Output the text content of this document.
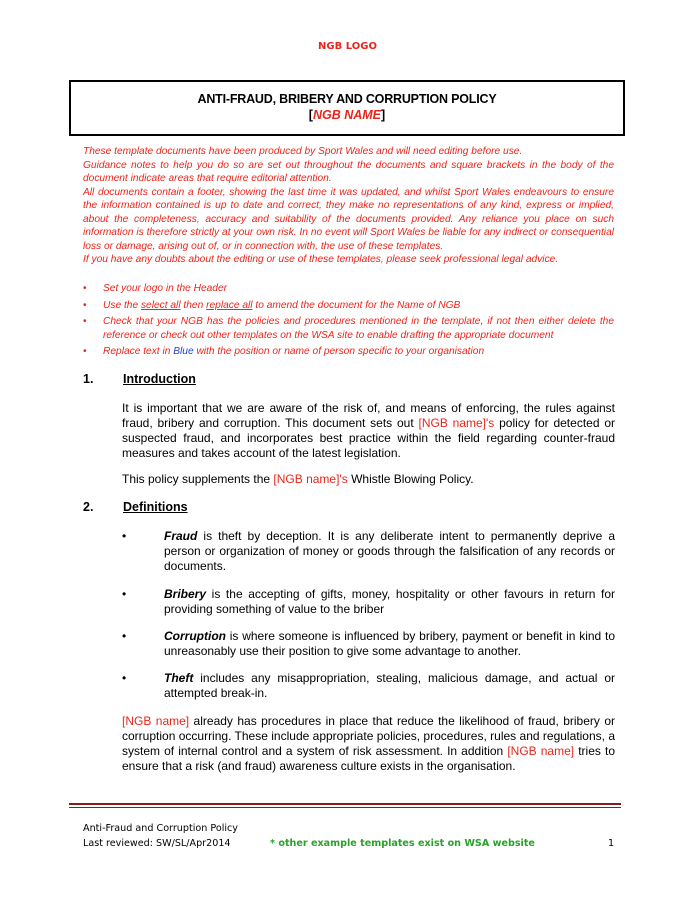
NGB LOGO
ANTI-FRAUD, BRIBERY AND CORRUPTION POLICY
[NGB NAME]

These template documents have been produced by Sport Wales and will need editing before use.

Guidance notes to help you do so are set out throughout the documents and square brackets in the body of the document indicate areas that require editorial attention.

All documents contain a footer, showing the last time it was updated, and whilst Sport Wales endeavours to ensure the information contained is up to date and correct, they make no representations of any kind, express or implied, about the completeness, accuracy and suitability of the documents provided. Any reliance you place on such information is therefore strictly at your own risk. In no event will Sport Wales be liable for any indirect or consequential loss or damage, arising out of, or in connection with, the use of these templates.

If you have any doubts about the editing or use of these templates, please seek professional legal advice.

• Set your logo in the Header
• Use the select all then replace all to amend the document for the Name of NGB
• Check that your NGB has the policies and procedures mentioned in the template, if not then either delete the reference or check out other templates on the WSA site to enable drafting the appropriate document
• Replace text in Blue with the position or name of person specific to your organisation
1. Introduction

It is important that we are aware of the risk of, and means of enforcing, the rules against fraud, bribery and corruption. This document sets out [NGB name]'s policy for detected or suspected fraud, and incorporates best practice within the field regarding counter-fraud measures and takes account of the latest legislation.

This policy supplements the [NGB name]'s Whistle Blowing Policy.

2. Definitions
•	Fraud is theft by deception. It is any deliberate intent to permanently deprive a person or organization of money or goods through the falsification of any records or documents.
•	Bribery is the accepting of gifts, money, hospitality or other favours in return for providing something of value to the briber
•	Corruption is where someone is influenced by bribery, payment or benefit in kind to unreasonably use their position to give some advantage to another.
•	Theft includes any misappropriation, stealing, malicious damage, and actual or attempted break-in.

[NGB name] already has procedures in place that reduce the likelihood of fraud, bribery or corruption occurring. These include appropriate policies, procedures, rules and regulations, a system of internal control and a system of risk assessment. In addition [NGB name] tries to ensure that a risk (and fraud) awareness culture exists in the organisation.

Anti-Fraud and Corruption Policy
Last reviewed: SW/SL/Apr2014	* other example templates exist on WSA website	1
